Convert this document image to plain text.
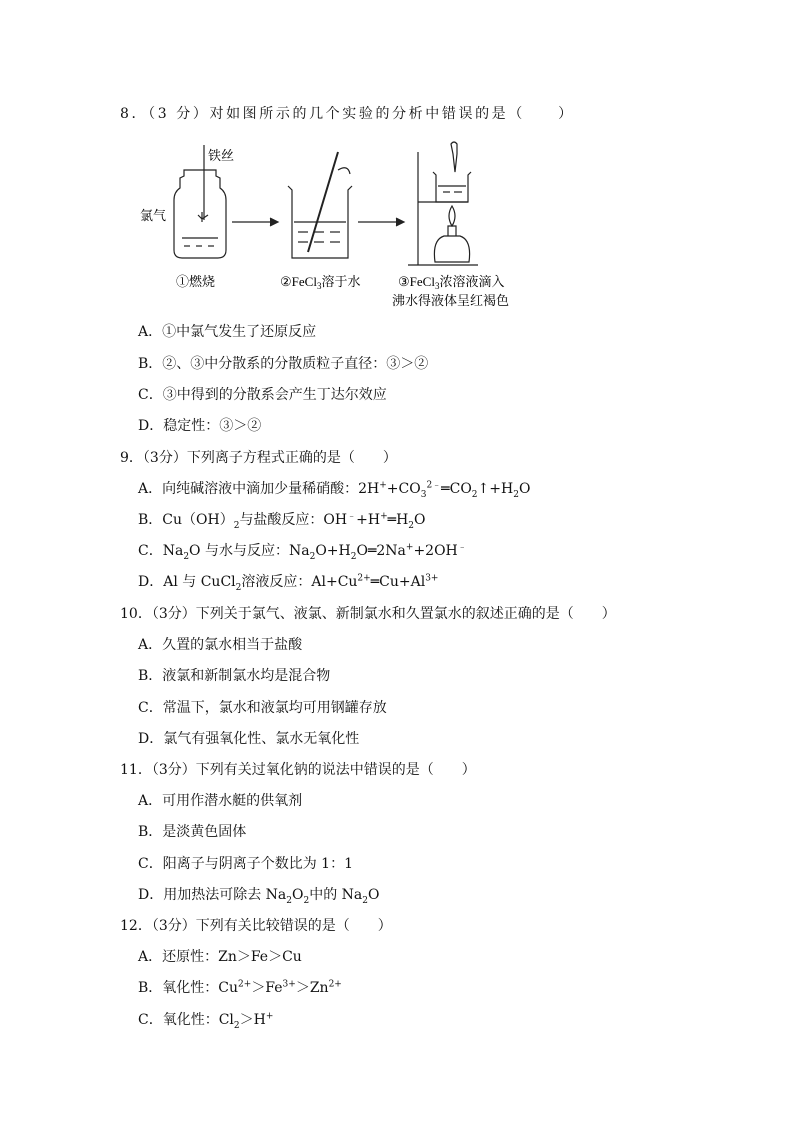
8．（3 分）对如图所示的几个实验的分析中错误的是（　　）
铁丝
氯气
①燃烧	②FeCl$_3$溶于水	③FeCl$_3$浓溶液滴入
沸水得液体呈红褐色
A．①中氯气发生了还原反应
B．②、③中分散系的分散质粒子直径：③＞②
C．③中得到的分散系会产生丁达尔效应
D．稳定性：③＞②
9．（3分）下列离子方程式正确的是（　　）
A．向纯碱溶液中滴加少量稀硝酸：$2H^++CO_3^{2﹣}═CO_2↑+H_2O$
B．$Cu(OH)_2$与盐酸反应：$OH^﹣+H^+═H_2O$
C．$Na_2O$ 与水与反应：$Na_2O+H_2O═2Na^++2OH^﹣$
D．Al 与 CuCl$_2$溶液反应：$Al+Cu^{2+}═Cu+Al^{3+}$
10．（3分）下列关于氯气、液氯、新制氯水和久置氯水的叙述正确的是（　　）
A．久置的氯水相当于盐酸
B．液氯和新制氯水均是混合物
C．常温下，氯水和液氯均可用钢罐存放
D．氯气有强氧化性、氯水无氧化性
11．（3分）下列有关过氧化钠的说法中错误的是（　　）
A．可用作潜水艇的供氧剂
B．是淡黄色固体
C．阳离子与阴离子个数比为 1：1
D．用加热法可除去 $Na_2O_2$中的 $Na_2O$
12．（3分）下列有关比较错误的是（　　）
A．还原性：Zn＞Fe＞Cu
B．氧化性：$Cu^{2+}>Fe^{3+}>Zn^{2+}$
C．氧化性：$Cl_2>H^+$
